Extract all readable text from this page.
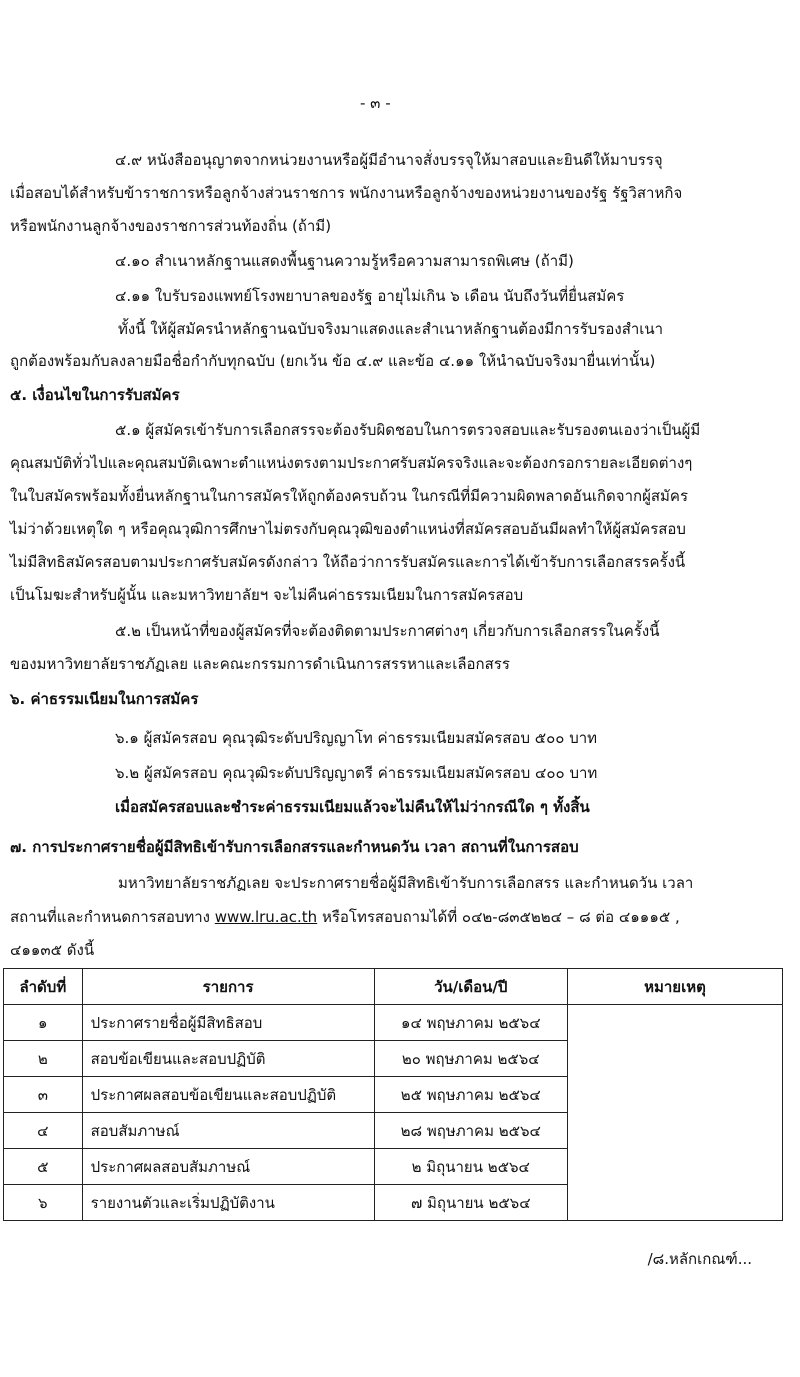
- ๓ -
๔.๙ หนังสืออนุญาตจากหน่วยงานหรือผู้มีอำนาจสั่งบรรจุให้มาสอบและยินดีให้มาบรรจุ
เมื่อสอบได้สำหรับข้าราชการหรือลูกจ้างส่วนราชการ พนักงานหรือลูกจ้างของหน่วยงานของรัฐ รัฐวิสาหกิจ
หรือพนักงานลูกจ้างของราชการส่วนท้องถิ่น (ถ้ามี)
๔.๑๐ สำเนาหลักฐานแสดงพื้นฐานความรู้หรือความสามารถพิเศษ (ถ้ามี)
๔.๑๑ ใบรับรองแพทย์โรงพยาบาลของรัฐ อายุไม่เกิน ๖ เดือน นับถึงวันที่ยื่นสมัคร
ทั้งนี้ ให้ผู้สมัครนำหลักฐานฉบับจริงมาแสดงและสำเนาหลักฐานต้องมีการรับรองสำเนา
ถูกต้องพร้อมกับลงลายมือชื่อกำกับทุกฉบับ (ยกเว้น ข้อ ๔.๙ และข้อ ๔.๑๑ ให้นำฉบับจริงมายื่นเท่านั้น)
๕. เงื่อนไขในการรับสมัคร
๕.๑ ผู้สมัครเข้ารับการเลือกสรรจะต้องรับผิดชอบในการตรวจสอบและรับรองตนเองว่าเป็นผู้มี
คุณสมบัติทั่วไปและคุณสมบัติเฉพาะตำแหน่งตรงตามประกาศรับสมัครจริงและจะต้องกรอกรายละเอียดต่างๆ
ในใบสมัครพร้อมทั้งยื่นหลักฐานในการสมัครให้ถูกต้องครบถ้วน ในกรณีที่มีความผิดพลาดอันเกิดจากผู้สมัคร
ไม่ว่าด้วยเหตุใด ๆ หรือคุณวุฒิการศึกษาไม่ตรงกับคุณวุฒิของตำแหน่งที่สมัครสอบอันมีผลทำให้ผู้สมัครสอบ
ไม่มีสิทธิสมัครสอบตามประกาศรับสมัครดังกล่าว ให้ถือว่าการรับสมัครและการได้เข้ารับการเลือกสรรครั้งนี้
เป็นโมฆะสำหรับผู้นั้น และมหาวิทยาลัยฯ จะไม่คืนค่าธรรมเนียมในการสมัครสอบ
๕.๒ เป็นหน้าที่ของผู้สมัครที่จะต้องติดตามประกาศต่างๆ เกี่ยวกับการเลือกสรรในครั้งนี้
ของมหาวิทยาลัยราชภัฏเลย และคณะกรรมการดำเนินการสรรหาและเลือกสรร
๖. ค่าธรรมเนียมในการสมัคร
๖.๑ ผู้สมัครสอบ คุณวุฒิระดับปริญญาโท ค่าธรรมเนียมสมัครสอบ ๕๐๐ บาท
๖.๒ ผู้สมัครสอบ คุณวุฒิระดับปริญญาตรี ค่าธรรมเนียมสมัครสอบ ๔๐๐ บาท
เมื่อสมัครสอบและชำระค่าธรรมเนียมแล้วจะไม่คืนให้ไม่ว่ากรณีใด ๆ ทั้งสิ้น
๗. การประกาศรายชื่อผู้มีสิทธิเข้ารับการเลือกสรรและกำหนดวัน เวลา สถานที่ในการสอบ
มหาวิทยาลัยราชภัฏเลย จะประกาศรายชื่อผู้มีสิทธิเข้ารับการเลือกสรร และกำหนดวัน เวลา
สถานที่และกำหนดการสอบทาง www.lru.ac.th หรือโทรสอบถามได้ที่ ๐๔๒-๘๓๕๒๒๔ – ๘ ต่อ ๔๑๑๑๕ ,
๔๑๑๓๕ ดังนี้
ลำดับที่	รายการ	วัน/เดือน/ปี	หมายเหตุ
๑	ประกาศรายชื่อผู้มีสิทธิสอบ	๑๔ พฤษภาคม ๒๕๖๔	
๒	สอบข้อเขียนและสอบปฏิบัติ	๒๐ พฤษภาคม ๒๕๖๔	
๓	ประกาศผลสอบข้อเขียนและสอบปฏิบัติ	๒๕ พฤษภาคม ๒๕๖๔	
๔	สอบสัมภาษณ์	๒๘ พฤษภาคม ๒๕๖๔	
๕	ประกาศผลสอบสัมภาษณ์	๒ มิถุนายน ๒๕๖๔	
๖	รายงานตัวและเริ่มปฏิบัติงาน	๗ มิถุนายน ๒๕๖๔	
/๘.หลักเกณฑ์...
